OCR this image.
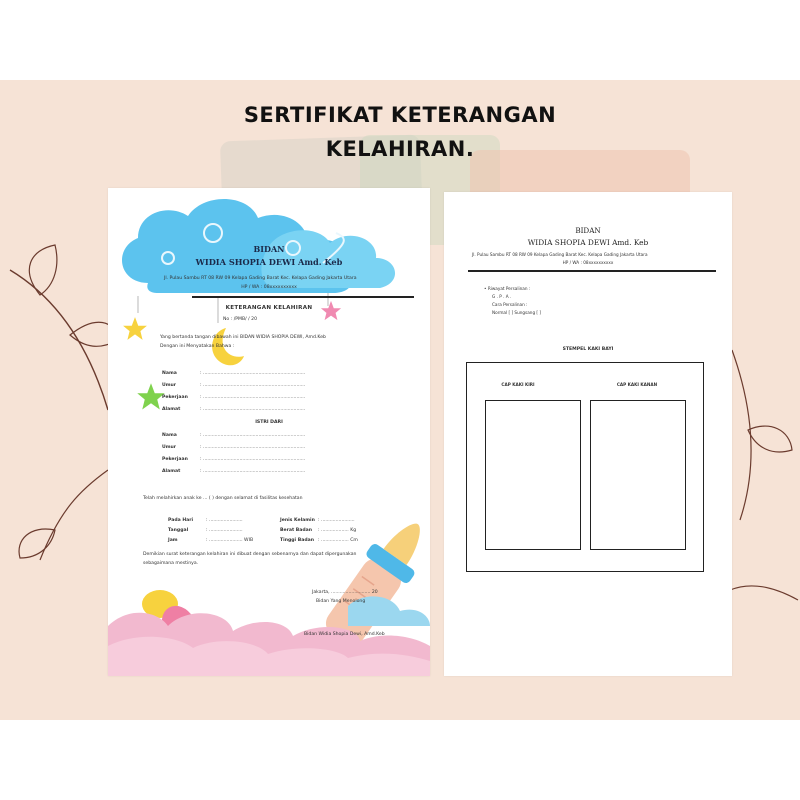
SERTIFIKAT KETERANGAN
KELAHIRAN.
BIDAN
WIDIA SHOPIA DEWI Amd. Keb
Jl. Pulau Sambu RT 08 RW 09 Kelapa Gading Barat Kec. Kelapa Gading Jakarta Utara
HP / WA : 08xxxxxxxxxx
KETERANGAN KELAHIRAN
No : /PMB/ / 20
Yang bertanda tangan dibawah ini BIDAN WIDIA SHOPIA DEWI, Amd.Keb
Dengan ini Menyatakan Bahwa :
Nama	: ......................................................................
Umur	: ......................................................................
Pekerjaan	: ......................................................................
Alamat	: ......................................................................
ISTRI DARI
Nama	: ......................................................................
Umur	: ......................................................................
Pekerjaan	: ......................................................................
Alamat	: ......................................................................
Telah melahirkan anak ke ... ( ) dengan selamat di fasilitas kesehatan
Pada Hari	: .......................
Tanggal	: .......................
Jam	: ....................... WIB
Jenis Kelamin : .......................
Berat Badan : ................... Kg
Tinggi Badan : ................... Cm
Demikian surat keterangan kelahiran ini dibuat dengan sebenarnya dan dapat dipergunakan
sebagaimana mestinya.
Jakarta, ........................... 20
Bidan Yang Menolong
Bidan Widia Shopia Dewi, Amd.Keb
BIDAN
WIDIA SHOPIA DEWI Amd. Keb
Jl. Pulau Sambu RT 08 RW 09 Kelapa Gading Barat Kec. Kelapa Gading Jakarta Utara
HP / WA : 08xxxxxxxxxx
• Riwayat Persalinan :
G . P . A .
Cara Persalinan :
Normal [ ] Sungsang [ ]
STEMPEL KAKI BAYI
CAP KAKI KIRI	CAP KAKI KANAN
